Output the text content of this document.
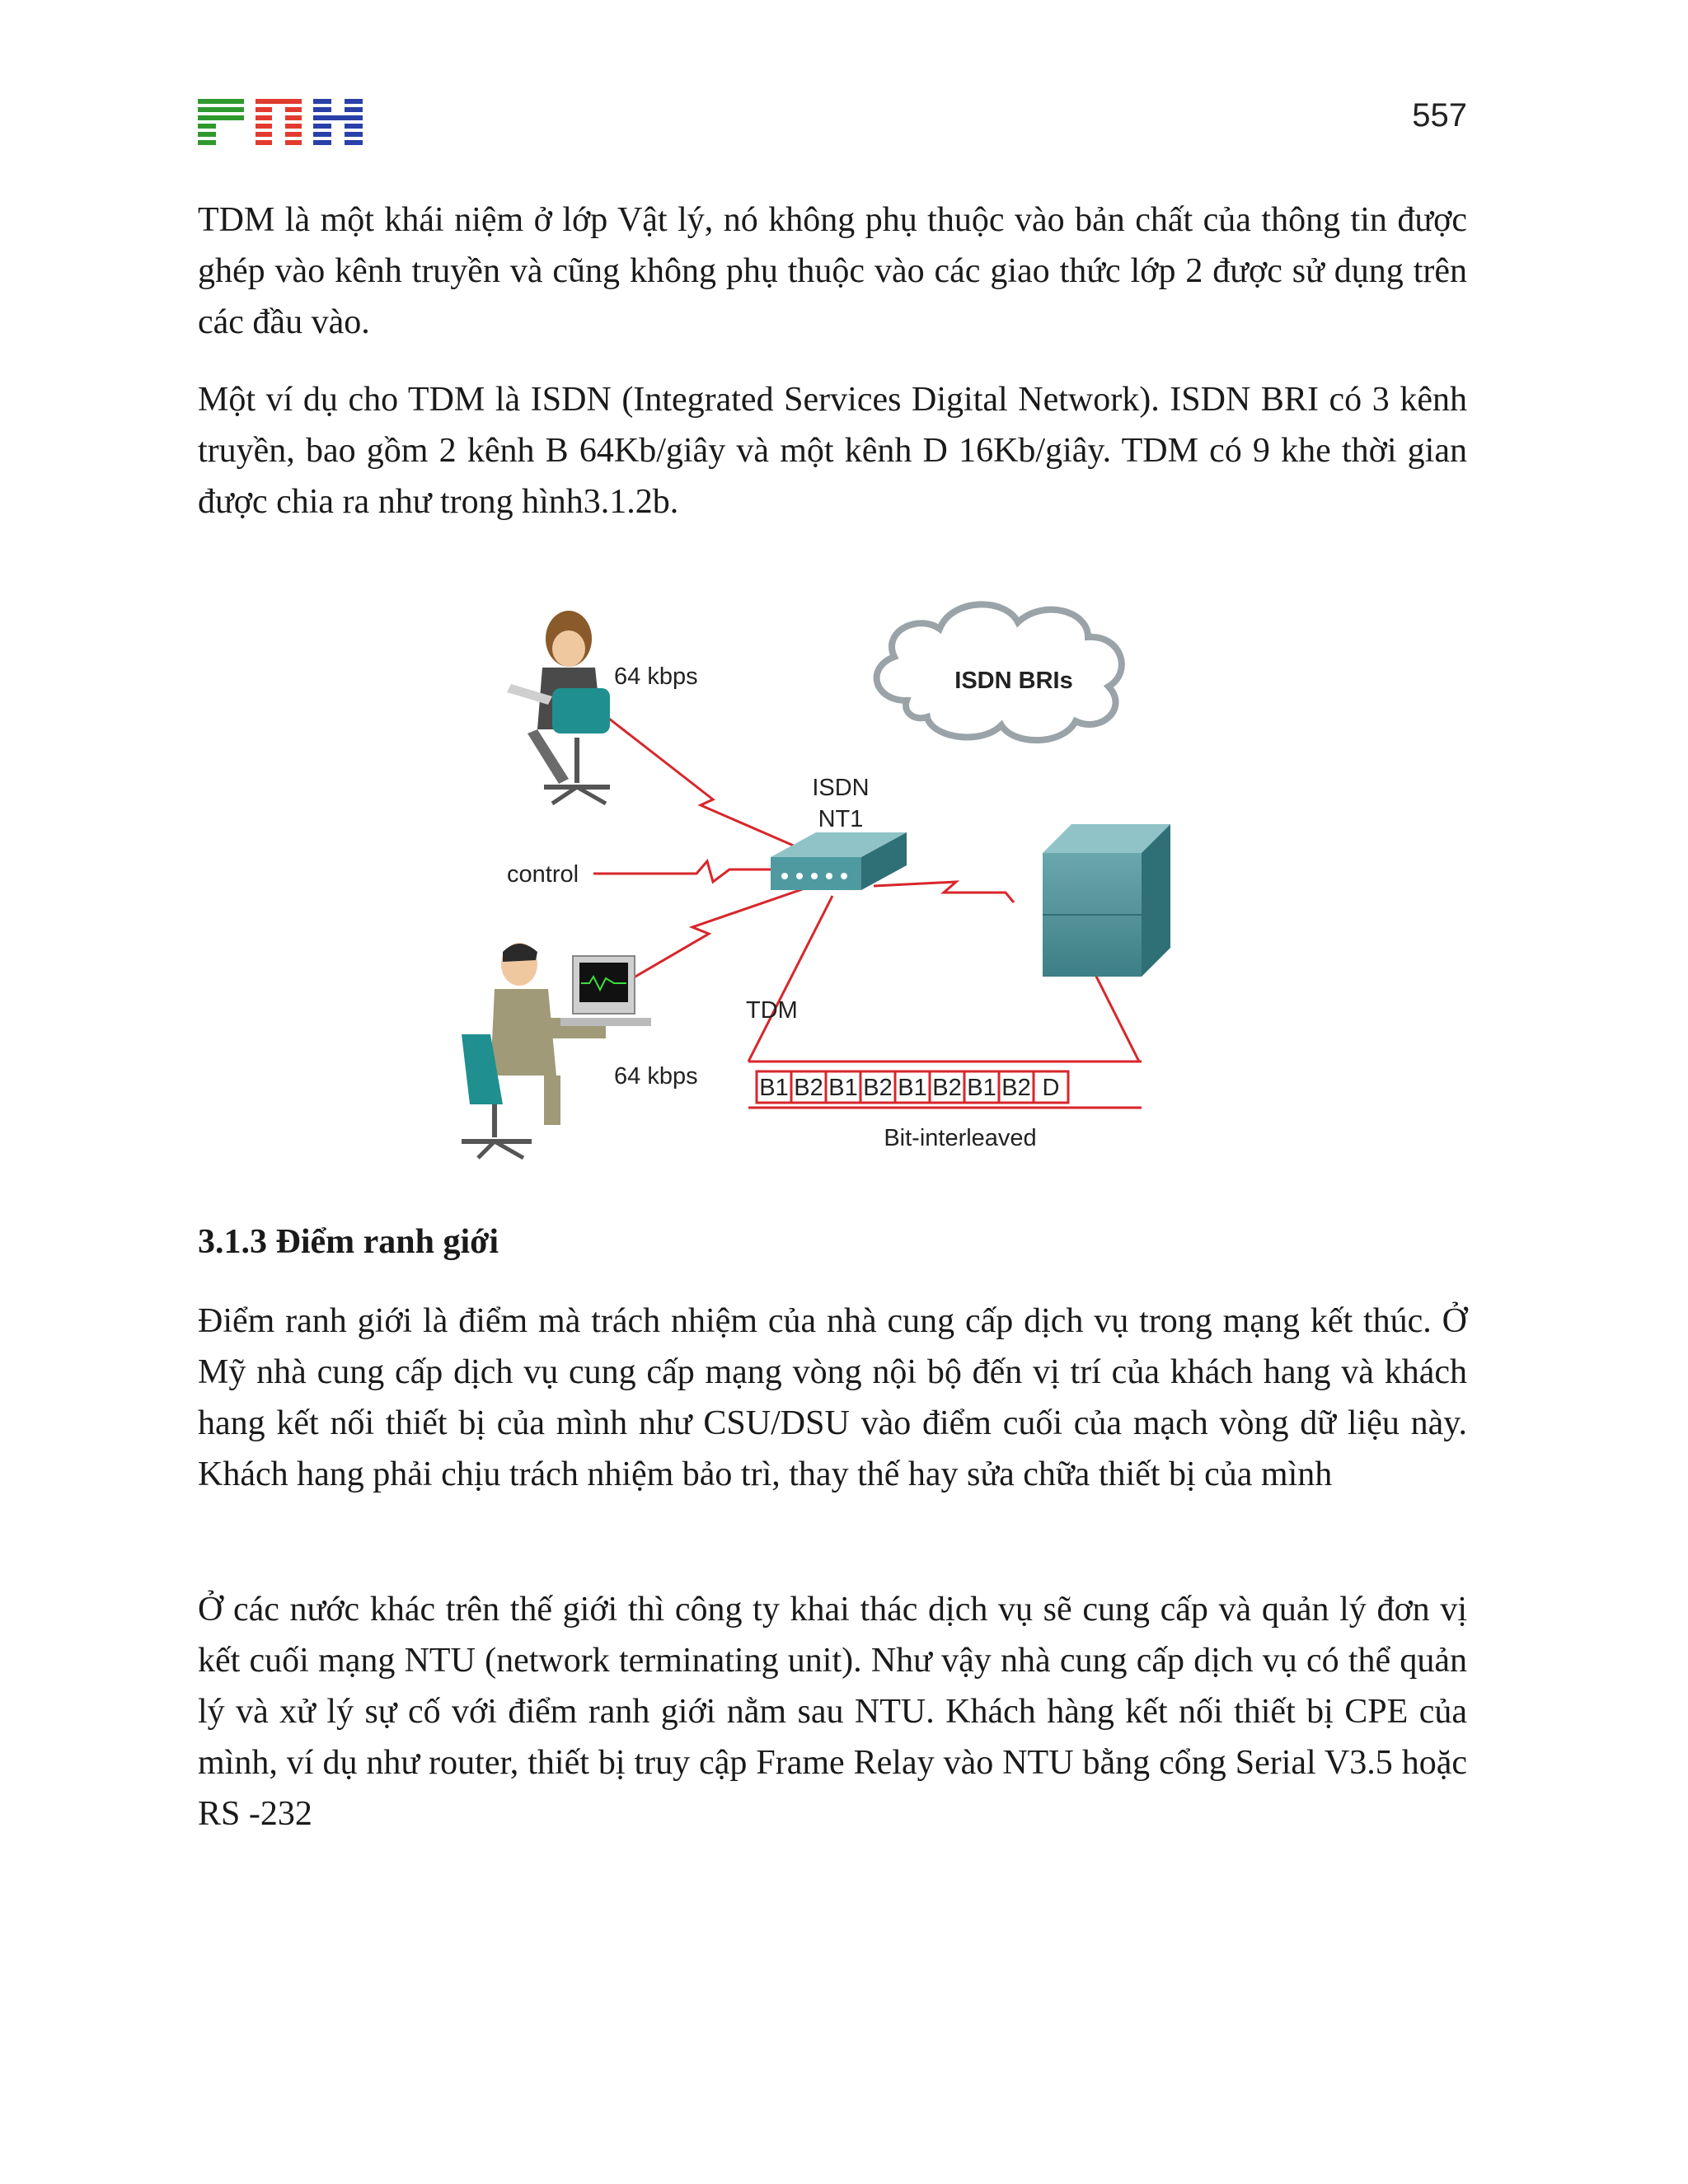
557

TDM là một khái niệm ở lớp Vật lý, nó không phụ thuộc vào bản chất của thông tin được ghép vào kênh truyền và cũng không phụ thuộc vào các giao thức lớp 2 được sử dụng trên các đầu vào.

Một ví dụ cho TDM là ISDN (Integrated Services Digital Network). ISDN BRI có 3 kênh truyền, bao gồm 2 kênh B 64Kb/giây và một kênh D 16Kb/giây. TDM có 9 khe thời gian được chia ra như trong hình3.1.2b.

ISDN BRIs
ISDN
NT1
64 kbps
control
64 kbps
TDM
B1 B2 B1 B2 B1 B2 B1 B2 D
Bit-interleaved
3.1.3 Điểm ranh giới

Điểm ranh giới là điểm mà trách nhiệm của nhà cung cấp dịch vụ trong mạng kết thúc. Ở Mỹ nhà cung cấp dịch vụ cung cấp mạng vòng nội bộ đến vị trí của khách hang và khách hang kết nối thiết bị của mình như CSU/DSU vào điểm cuối của mạch vòng dữ liệu này. Khách hang phải chịu trách nhiệm bảo trì, thay thế hay sửa chữa thiết bị của mình

Ở các nước khác trên thế giới thì công ty khai thác dịch vụ sẽ cung cấp và quản lý đơn vị kết cuối mạng NTU (network terminating unit). Như vậy nhà cung cấp dịch vụ có thể quản lý và xử lý sự cố với điểm ranh giới nằm sau NTU. Khách hàng kết nối thiết bị CPE của mình, ví dụ như router, thiết bị truy cập Frame Relay vào NTU bằng cổng Serial V3.5 hoặc RS -232
